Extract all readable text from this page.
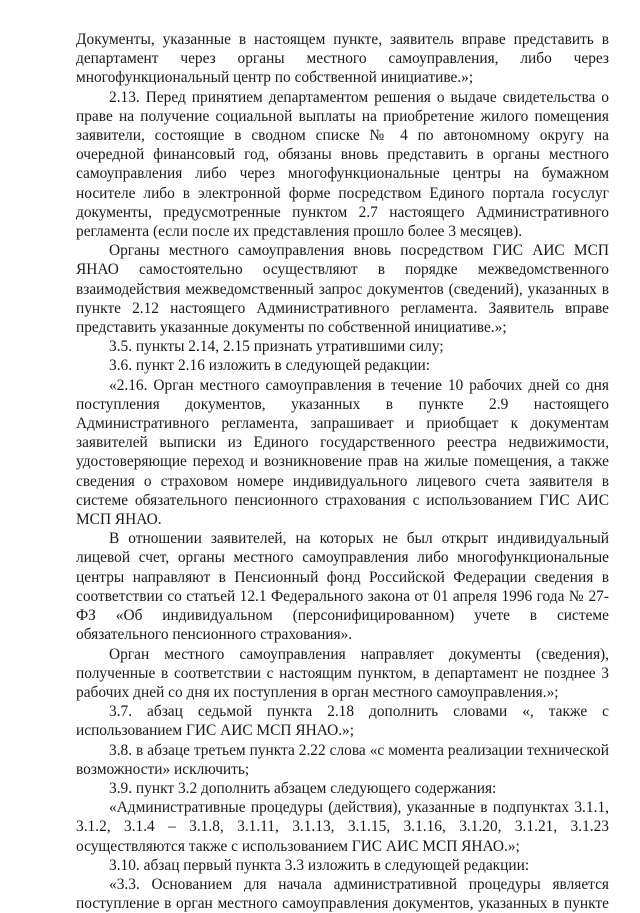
Документы, указанные в настоящем пункте, заявитель вправе представить в департамент через органы местного самоуправления, либо через многофункциональный центр по собственной инициативе.»;

2.13. Перед принятием департаментом решения о выдаче свидетельства о праве на получение социальной выплаты на приобретение жилого помещения заявители, состоящие в сводном списке № 4 по автономному округу на очередной финансовый год, обязаны вновь представить в органы местного самоуправления либо через многофункциональные центры на бумажном носителе либо в электронной форме посредством Единого портала госуслуг документы, предусмотренные пунктом 2.7 настоящего Административного регламента (если после их представления прошло более 3 месяцев).

Органы местного самоуправления вновь посредством ГИС АИС МСП ЯНАО самостоятельно осуществляют в порядке межведомственного взаимодействия межведомственный запрос документов (сведений), указанных в пункте 2.12 настоящего Административного регламента. Заявитель вправе представить указанные документы по собственной инициативе.»;

3.5. пункты 2.14, 2.15 признать утратившими силу;

3.6. пункт 2.16 изложить в следующей редакции:

«2.16. Орган местного самоуправления в течение 10 рабочих дней со дня поступления документов, указанных в пункте 2.9 настоящего Административного регламента, запрашивает и приобщает к документам заявителей выписки из Единого государственного реестра недвижимости, удостоверяющие переход и возникновение прав на жилые помещения, а также сведения о страховом номере индивидуального лицевого счета заявителя в системе обязательного пенсионного страхования с использованием ГИС АИС МСП ЯНАО.

В отношении заявителей, на которых не был открыт индивидуальный лицевой счет, органы местного самоуправления либо многофункциональные центры направляют в Пенсионный фонд Российской Федерации сведения в соответствии со статьей 12.1 Федерального закона от 01 апреля 1996 года № 27-ФЗ «Об индивидуальном (персонифицированном) учете в системе обязательного пенсионного страхования».

Орган местного самоуправления направляет документы (сведения), полученные в соответствии с настоящим пунктом, в департамент не позднее 3 рабочих дней со дня их поступления в орган местного самоуправления.»;

3.7. абзац седьмой пункта 2.18 дополнить словами «, также с использованием ГИС АИС МСП ЯНАО.»;

3.8. в абзаце третьем пункта 2.22 слова «с момента реализации технической возможности» исключить;

3.9. пункт 3.2 дополнить абзацем следующего содержания:

«Административные процедуры (действия), указанные в подпунктах 3.1.1, 3.1.2, 3.1.4 – 3.1.8, 3.1.11, 3.1.13, 3.1.15, 3.1.16, 3.1.20, 3.1.21, 3.1.23 осуществляются также с использованием ГИС АИС МСП ЯНАО.»;

3.10. абзац первый пункта 3.3 изложить в следующей редакции:

«3.3. Основанием для начала административной процедуры является поступление в орган местного самоуправления документов, указанных в пункте
